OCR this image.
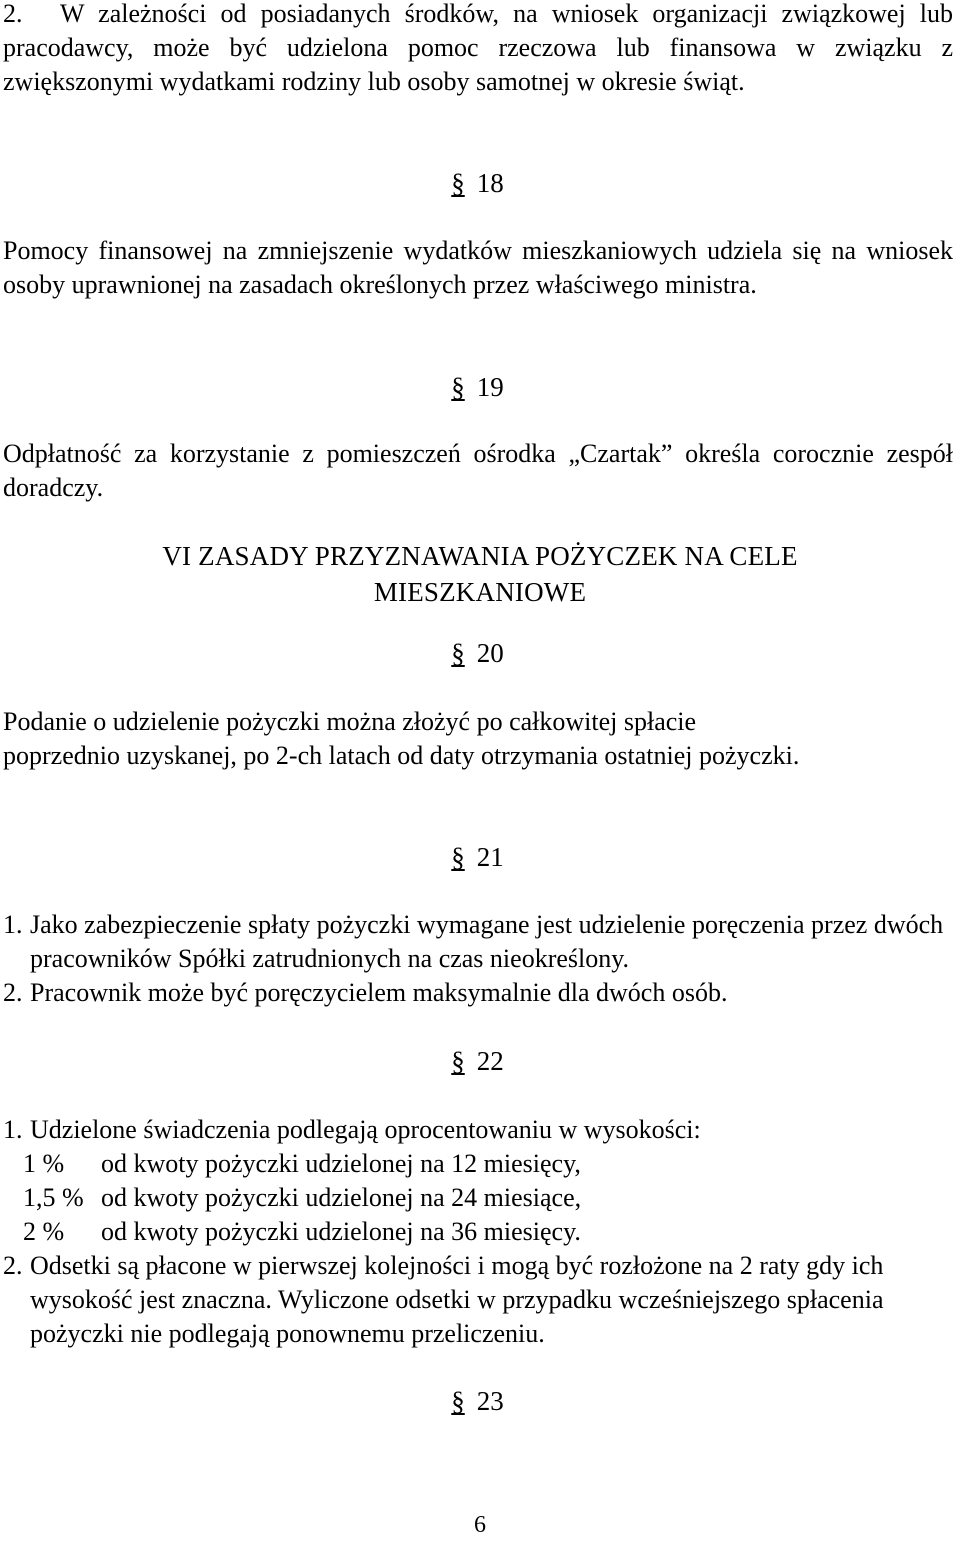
2.	W zależności od posiadanych środków, na wniosek organizacji związkowej lub pracodawcy, może być udzielona pomoc rzeczowa lub finansowa w związku z zwiększonymi wydatkami rodziny lub osoby samotnej w okresie świąt.
§ 18
Pomocy finansowej na zmniejszenie wydatków mieszkaniowych udziela się na wniosek osoby uprawnionej na zasadach określonych przez właściwego ministra.
§ 19
Odpłatność za korzystanie z pomieszczeń ośrodka „Czartak” określa corocznie zespół doradczy.
VI ZASADY PRZYZNAWANIA POŻYCZEK NA CELE
MIESZKANIOWE
§ 20
Podanie o udzielenie pożyczki można złożyć po całkowitej spłacie poprzednio uzyskanej, po 2-ch latach od daty otrzymania ostatniej pożyczki.
§ 21
1. Jako zabezpieczenie spłaty pożyczki wymagane jest udzielenie poręczenia przez dwóch pracowników Spółki zatrudnionych na czas nieokreślony.
2. Pracownik może być poręczycielem maksymalnie dla dwóch osób.
§ 22
1. Udzielone świadczenia podlegają oprocentowaniu w wysokości:
1 % od kwoty pożyczki udzielonej na 12 miesięcy,
1,5 % od kwoty pożyczki udzielonej na 24 miesiące,
2 % od kwoty pożyczki udzielonej na 36 miesięcy.
2. Odsetki są płacone w pierwszej kolejności i mogą być rozłożone na 2 raty gdy ich wysokość jest znaczna. Wyliczone odsetki w przypadku wcześniejszego spłacenia pożyczki nie podlegają ponownemu przeliczeniu.
§ 23
6
